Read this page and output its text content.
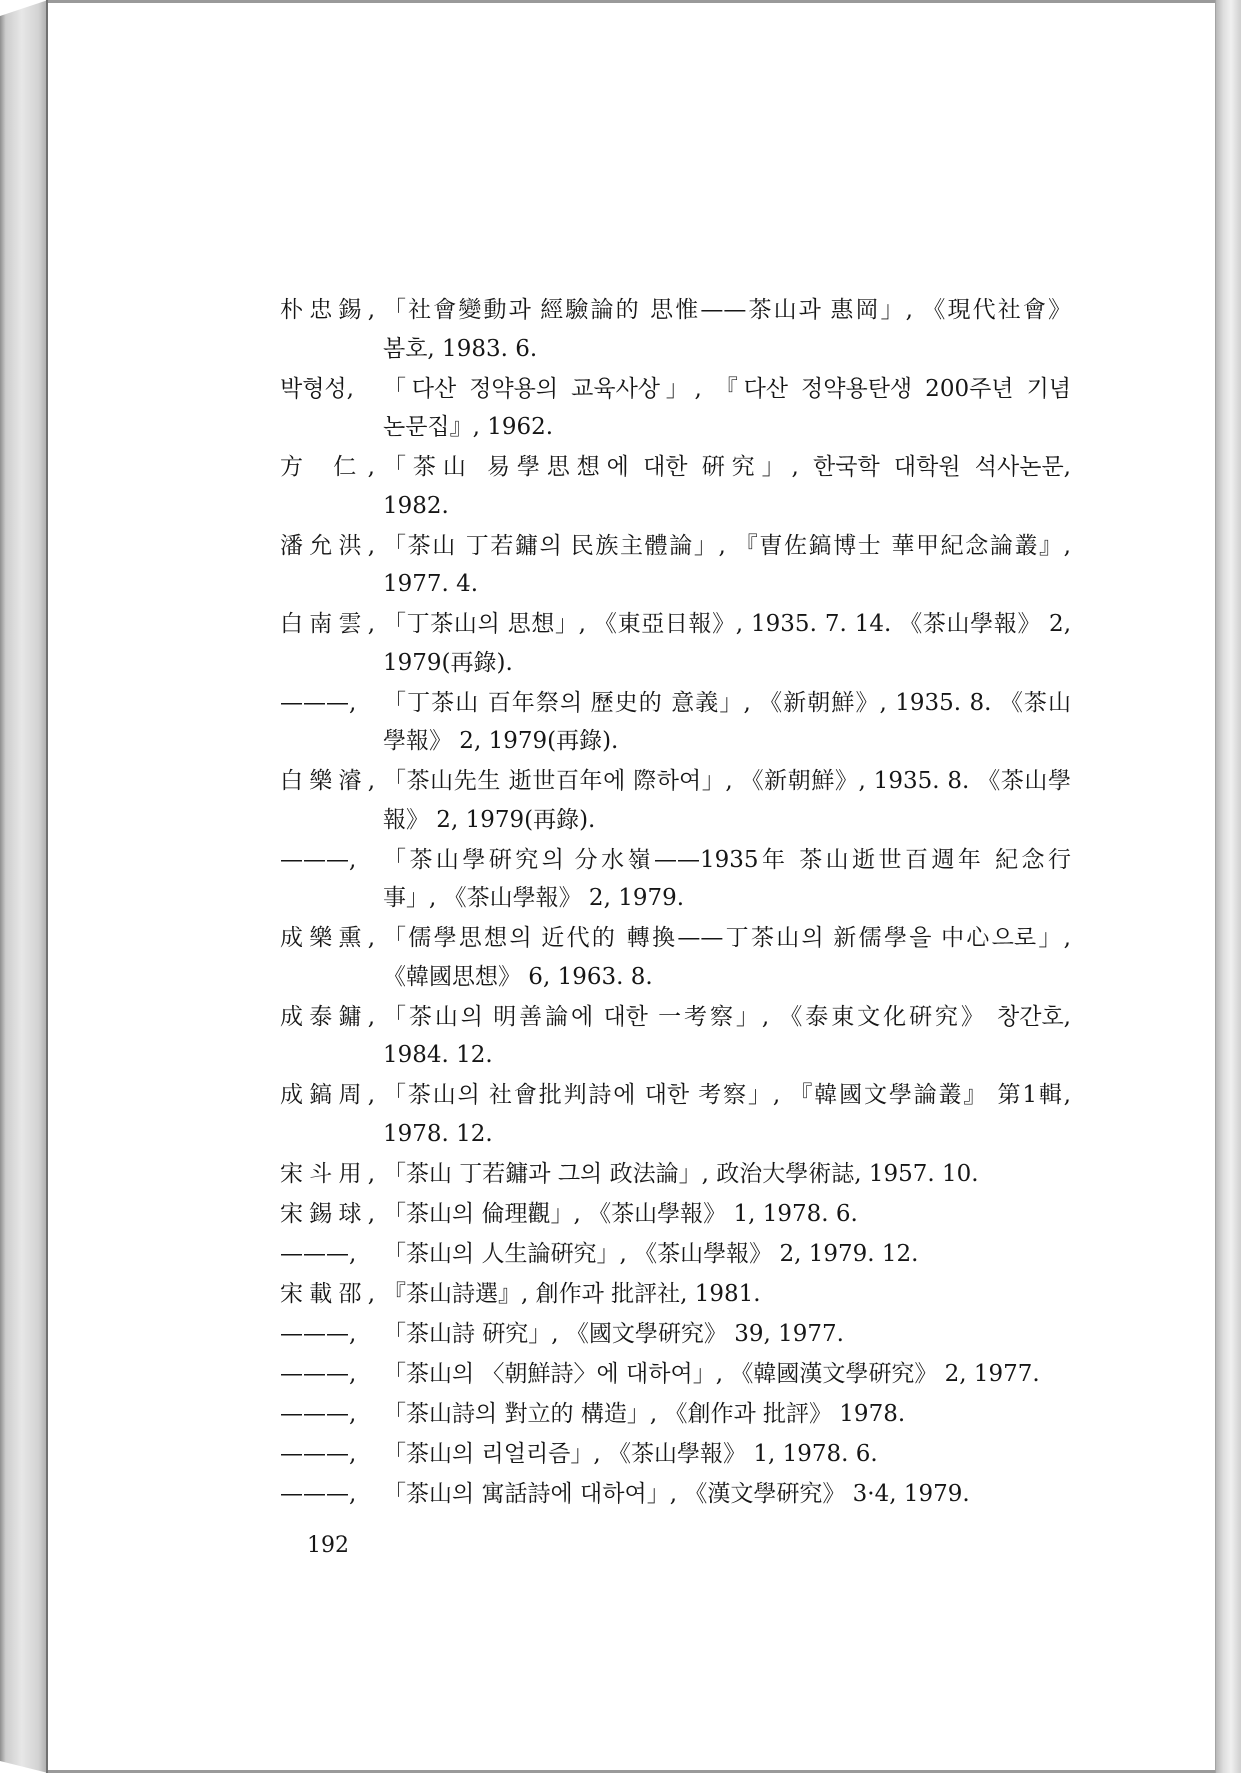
朴忠錫, 「社會變動과 經驗論的 思惟——茶山과 惠岡」, 《現代社會》
봄호, 1983. 6.
박형성,	「다산 정약용의 교육사상」, 『다산 정약용탄생 200주년 기념
논문집』, 1962.
方 仁, 「茶山 易學思想에 대한 硏究」, 한국학 대학원 석사논문,
1982.
潘允洪, 「茶山 丁若鏞의 民族主體論」, 『曺佐鎬博士 華甲紀念論叢』,
1977. 4.
白南雲, 「丁茶山의 思想」, 《東亞日報》, 1935. 7. 14. 《茶山學報》 2,
1979(再錄).
———,	「丁茶山 百年祭의 歷史的 意義」, 《新朝鮮》, 1935. 8. 《茶山
學報》 2, 1979(再錄).
白樂濬, 「茶山先生 逝世百年에 際하여」, 《新朝鮮》, 1935. 8. 《茶山學
報》 2, 1979(再錄).
———,	「茶山學硏究의 分水嶺——1935年 茶山逝世百週年 紀念行
事」, 《茶山學報》 2, 1979.
成樂熏, 「儒學思想의 近代的 轉換——丁茶山의 新儒學을 中心으로」,
《韓國思想》 6, 1963. 8.
成泰鏞, 「茶山의 明善論에 대한 一考察」, 《泰東文化硏究》 창간호,
1984. 12.
成鎬周, 「茶山의 社會批判詩에 대한 考察」, 『韓國文學論叢』 第1輯,
1978. 12.
宋斗用, 「茶山 丁若鏞과 그의 政法論」, 政治大學術誌, 1957. 10.
宋錫球, 「茶山의 倫理觀」, 《茶山學報》 1, 1978. 6.
———,	「茶山의 人生論硏究」, 《茶山學報》 2, 1979. 12.
宋載邵, 『茶山詩選』, 創作과 批評社, 1981.
———,	「茶山詩 硏究」, 《國文學硏究》 39, 1977.
———,	「茶山의 〈朝鮮詩〉에 대하여」, 《韓國漢文學硏究》 2, 1977.
———,	「茶山詩의 對立的 構造」, 《創作과 批評》 1978.
———,	「茶山의 리얼리즘」, 《茶山學報》 1, 1978. 6.
———,	「茶山의 寓話詩에 대하여」, 《漢文學硏究》 3·4, 1979.
192
